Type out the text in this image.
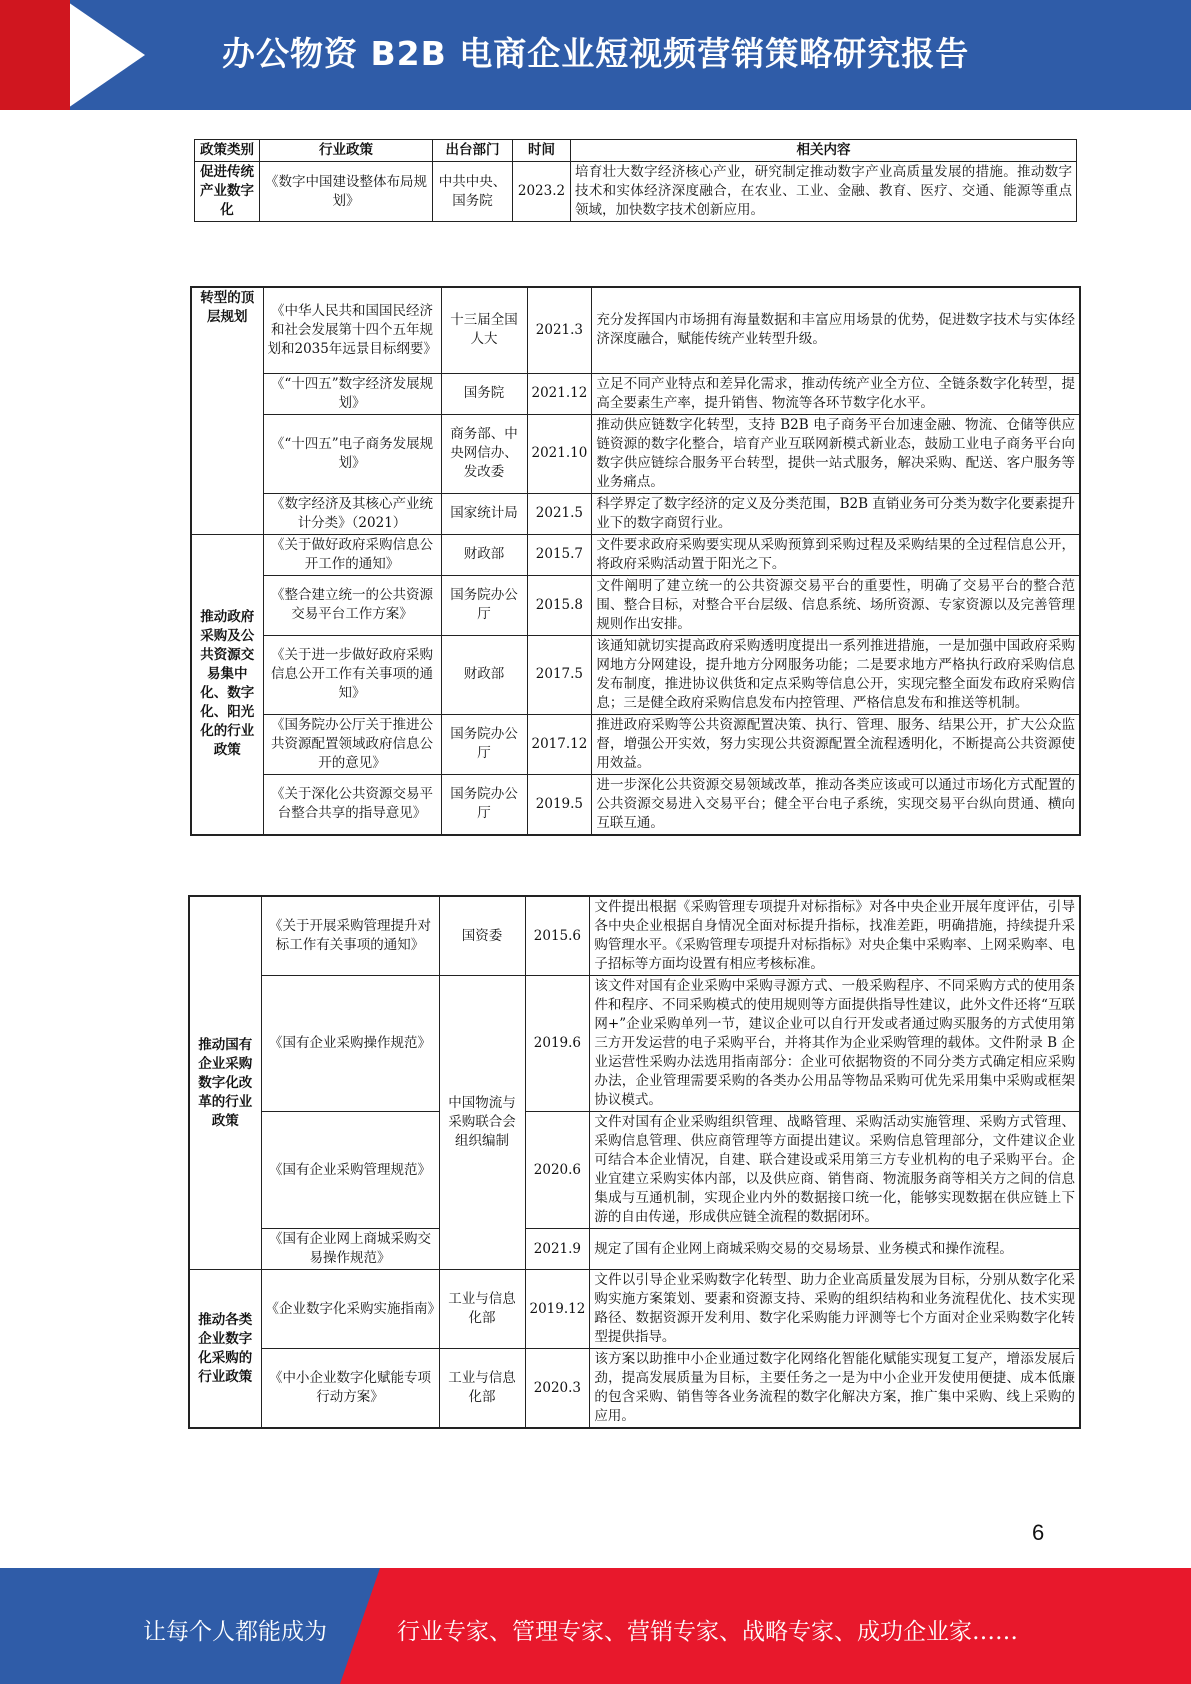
办公物资 B2B 电商企业短视频营销策略研究报告
政策类别	行业政策	出台部门	时间	相关内容
促进传统产业数字化	《数字中国建设整体布局规划》	中共中央、国务院	2023.2	培育壮大数字经济核心产业，研究制定推动数字产业高质量发展的措施。推动数字技术和实体经济深度融合，在农业、工业、金融、教育、医疗、交通、能源等重点领域，加快数字技术创新应用。
转型的顶层规划	《中华人民共和国国民经济和社会发展第十四个五年规划和2035年远景目标纲要》	十三届全国人大	2021.3	充分发挥国内市场拥有海量数据和丰富应用场景的优势，促进数字技术与实体经济深度融合，赋能传统产业转型升级。
	《“十四五”数字经济发展规划》	国务院	2021.12	立足不同产业特点和差异化需求，推动传统产业全方位、全链条数字化转型，提高全要素生产率，提升销售、物流等各环节数字化水平。
	《“十四五”电子商务发展规划》	商务部、中央网信办、发改委	2021.10	推动供应链数字化转型，支持 B2B 电子商务平台加速金融、物流、仓储等供应链资源的数字化整合，培育产业互联网新模式新业态，鼓励工业电子商务平台向数字供应链综合服务平台转型，提供一站式服务，解决采购、配送、客户服务等业务痛点。
	《数字经济及其核心产业统计分类》（2021）	国家统计局	2021.5	科学界定了数字经济的定义及分类范围，B2B 直销业务可分类为数字化要素提升业下的数字商贸行业。
推动政府采购及公共资源交易集中化、数字化、阳光化的行业政策	《关于做好政府采购信息公开工作的通知》	财政部	2015.7	文件要求政府采购要实现从采购预算到采购过程及采购结果的全过程信息公开，将政府采购活动置于阳光之下。
	《整合建立统一的公共资源交易平台工作方案》	国务院办公厅	2015.8	文件阐明了建立统一的公共资源交易平台的重要性，明确了交易平台的整合范围、整合目标，对整合平台层级、信息系统、场所资源、专家资源以及完善管理规则作出安排。
	《关于进一步做好政府采购信息公开工作有关事项的通知》	财政部	2017.5	该通知就切实提高政府采购透明度提出一系列推进措施，一是加强中国政府采购网地方分网建设，提升地方分网服务功能；二是要求地方严格执行政府采购信息发布制度，推进协议供货和定点采购等信息公开，实现完整全面发布政府采购信息；三是健全政府采购信息发布内控管理、严格信息发布和推送等机制。
	《国务院办公厅关于推进公共资源配置领域政府信息公开的意见》	国务院办公厅	2017.12	推进政府采购等公共资源配置决策、执行、管理、服务、结果公开，扩大公众监督，增强公开实效，努力实现公共资源配置全流程透明化，不断提高公共资源使用效益。
	《关于深化公共资源交易平台整合共享的指导意见》	国务院办公厅	2019.5	进一步深化公共资源交易领域改革，推动各类应该或可以通过市场化方式配置的公共资源交易进入交易平台；健全平台电子系统，实现交易平台纵向贯通、横向互联互通。
推动国有企业采购数字化改革的行业政策	《关于开展采购管理提升对标工作有关事项的通知》	国资委	2015.6	文件提出根据《采购管理专项提升对标指标》对各中央企业开展年度评估，引导各中央企业根据自身情况全面对标提升指标，找准差距，明确措施，持续提升采购管理水平。《采购管理专项提升对标指标》对央企集中采购率、上网采购率、电子招标等方面均设置有相应考核标准。
	《国有企业采购操作规范》	中国物流与采购联合会组织编制	2019.6	该文件对国有企业采购中采购寻源方式、一般采购程序、不同采购方式的使用条件和程序、不同采购模式的使用规则等方面提供指导性建议，此外文件还将“互联网+”企业采购单列一节，建议企业可以自行开发或者通过购买服务的方式使用第三方开发运营的电子采购平台，并将其作为企业采购管理的载体。文件附录 B 企业运营性采购办法选用指南部分：企业可依据物资的不同分类方式确定相应采购办法，企业管理需要采购的各类办公用品等物品采购可优先采用集中采购或框架协议模式。
	《国有企业采购管理规范》		2020.6	文件对国有企业采购组织管理、战略管理、采购活动实施管理、采购方式管理、采购信息管理、供应商管理等方面提出建议。采购信息管理部分，文件建议企业可结合本企业情况，自建、联合建设或采用第三方专业机构的电子采购平台。企业宜建立采购实体内部，以及供应商、销售商、物流服务商等相关方之间的信息集成与互通机制，实现企业内外的数据接口统一化，能够实现数据在供应链上下游的自由传递，形成供应链全流程的数据闭环。
	《国有企业网上商城采购交易操作规范》		2021.9	规定了国有企业网上商城采购交易的交易场景、业务模式和操作流程。
推动各类企业数字化采购的行业政策	《企业数字化采购实施指南》	工业与信息化部	2019.12	文件以引导企业采购数字化转型、助力企业高质量发展为目标，分别从数字化采购实施方案策划、要素和资源支持、采购的组织结构和业务流程优化、技术实现路径、数据资源开发利用、数字化采购能力评测等七个方面对企业采购数字化转型提供指导。
	《中小企业数字化赋能专项行动方案》	工业与信息化部	2020.3	该方案以助推中小企业通过数字化网络化智能化赋能实现复工复产，增添发展后劲，提高发展质量为目标，主要任务之一是为中小企业开发使用便捷、成本低廉的包含采购、销售等各业务流程的数字化解决方案，推广集中采购、线上采购的应用。
6
让每个人都能成为	行业专家、管理专家、营销专家、战略专家、成功企业家……
